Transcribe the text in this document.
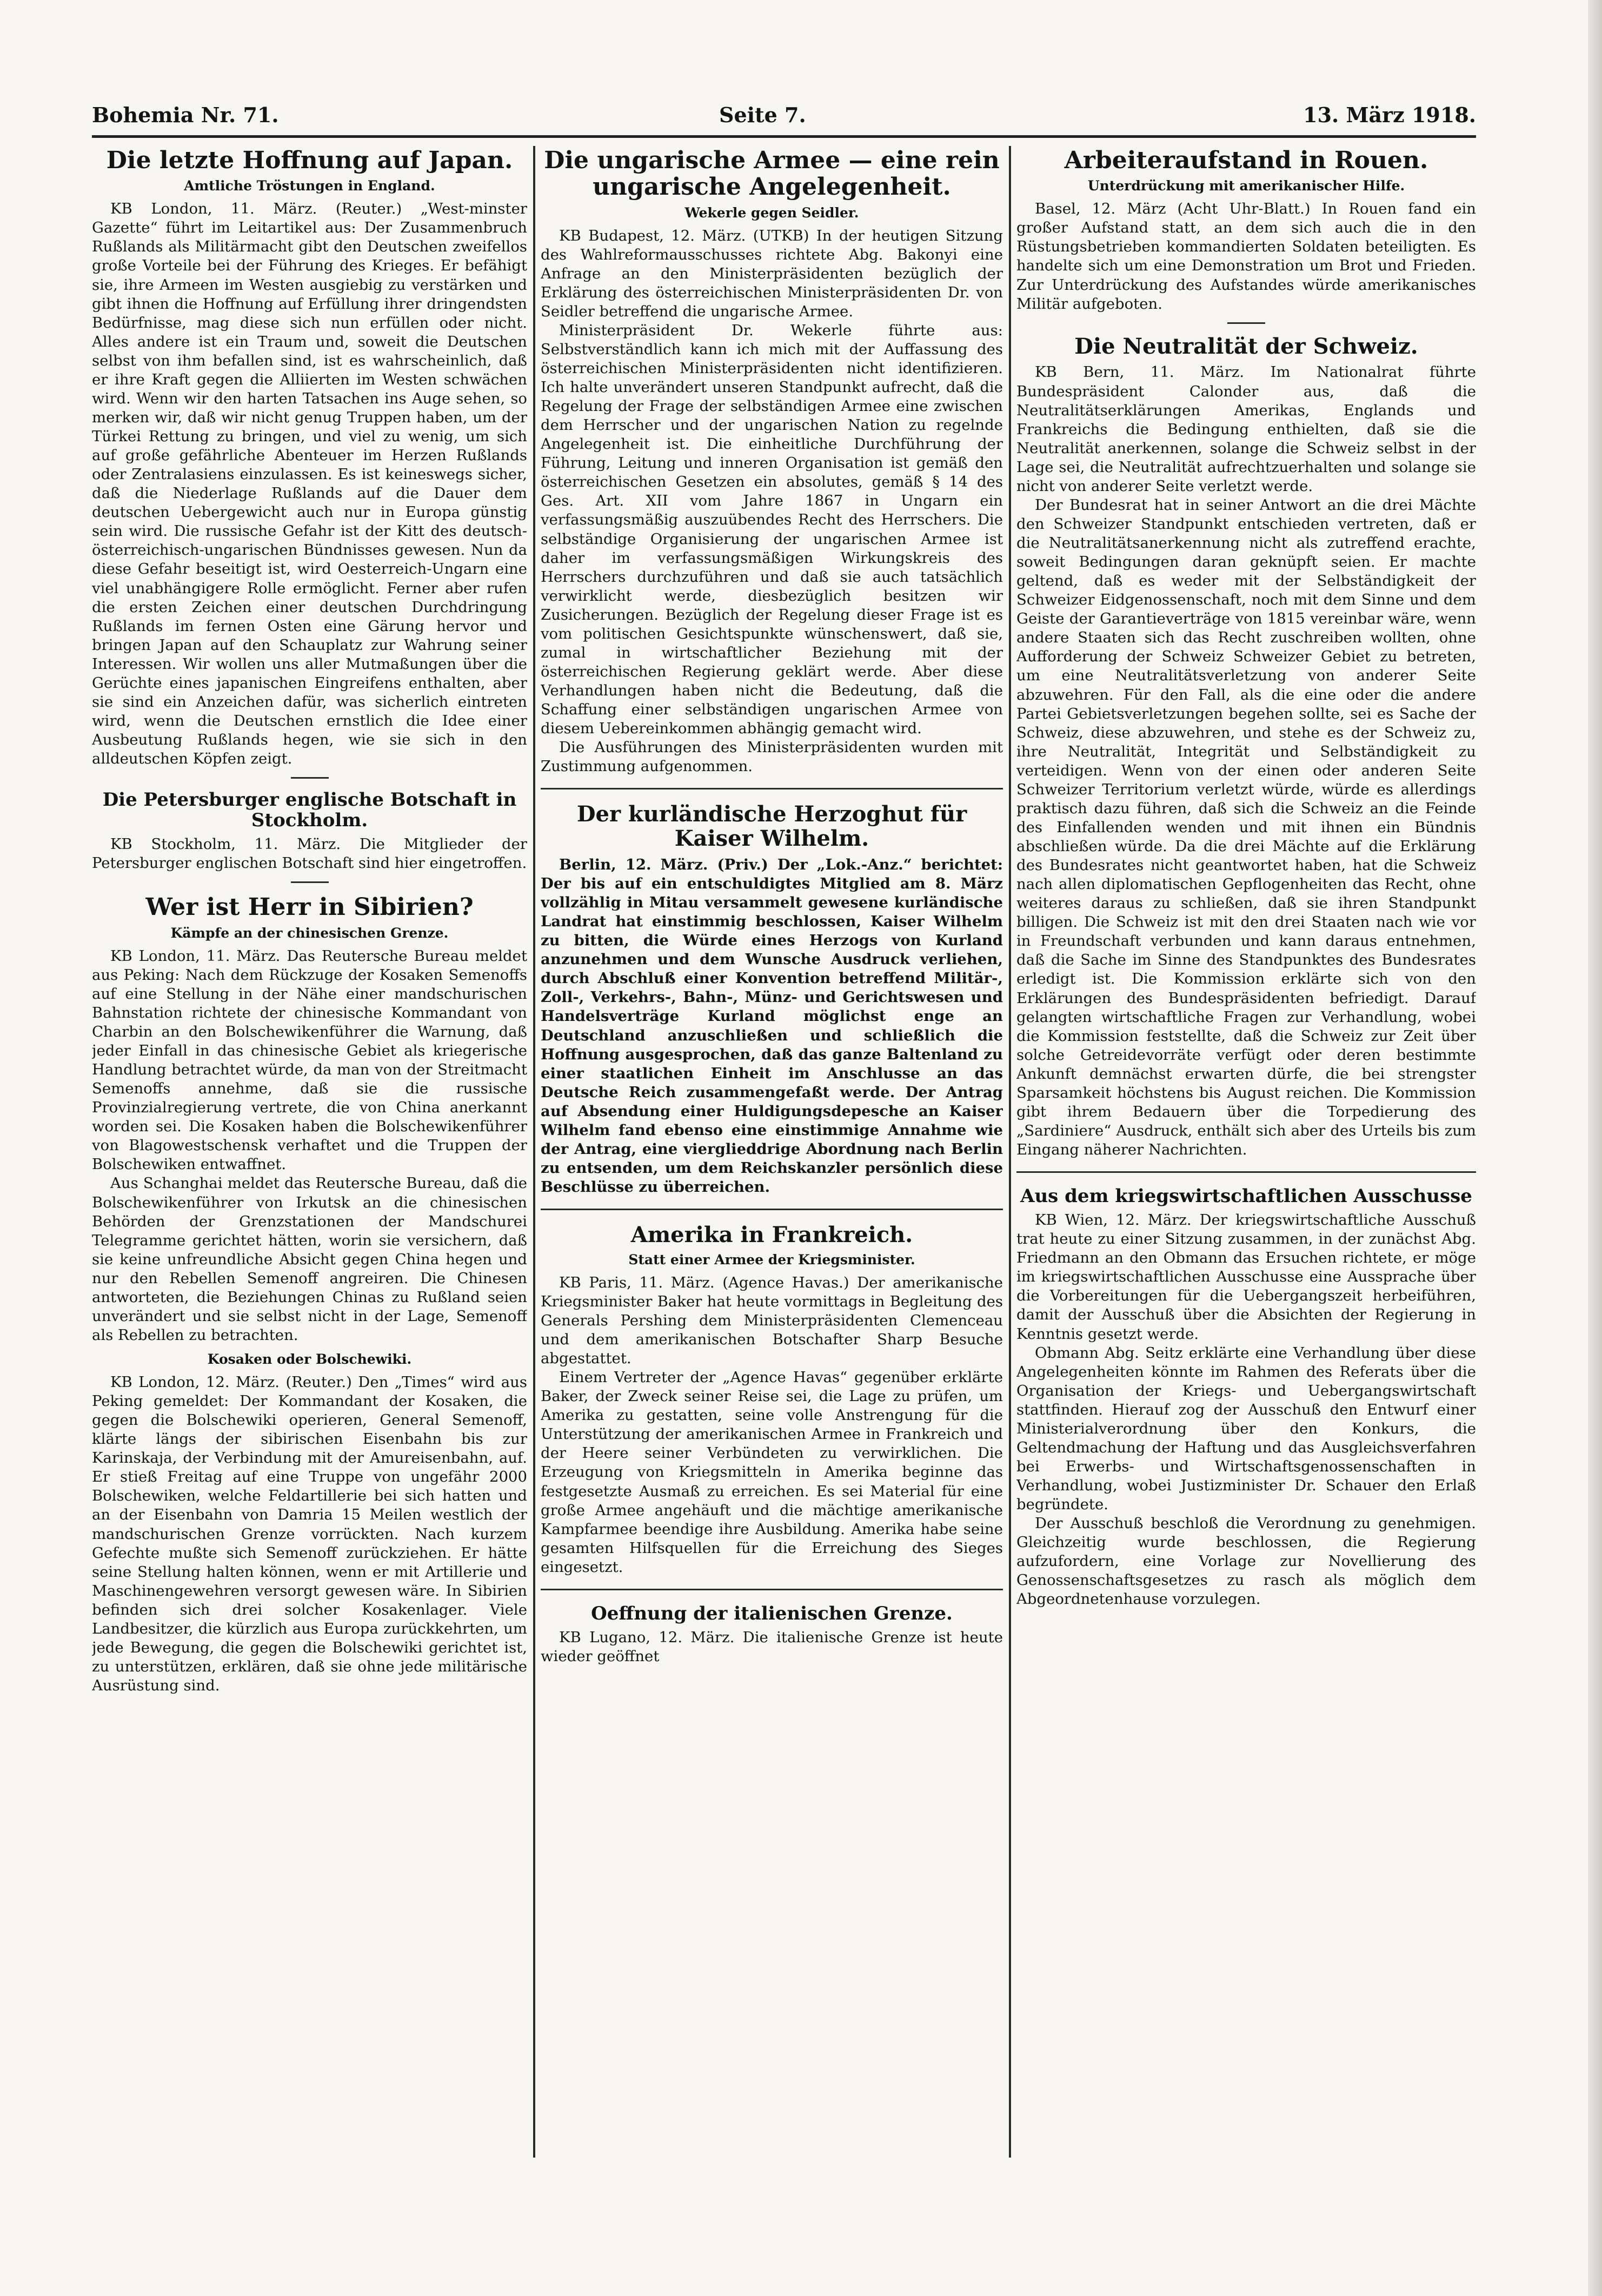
Bohemia Nr. 71.	Seite 7.	13. März 1918.
Die letzte Hoffnung auf Japan.
Amtliche Tröstungen in England.

KB London, 11. März. (Reuter.) „West-minster Gazette“ führt im Leitartikel aus: Der Zusammenbruch Rußlands als Militärmacht gibt den Deutschen zweifellos große Vorteile bei der Führung des Krieges. Er befähigt sie, ihre Armeen im Westen ausgiebig zu verstärken und gibt ihnen die Hoffnung auf Erfüllung ihrer dringendsten Bedürfnisse, mag diese sich nun erfüllen oder nicht. Alles andere ist ein Traum und, soweit die Deutschen selbst von ihm befallen sind, ist es wahrscheinlich, daß er ihre Kraft gegen die Alliierten im Westen schwächen wird. Wenn wir den harten Tatsachen ins Auge sehen, so merken wir, daß wir nicht genug Truppen haben, um der Türkei Rettung zu bringen, und viel zu wenig, um sich auf große gefährliche Abenteuer im Herzen Rußlands oder Zentralasiens einzulassen. Es ist keineswegs sicher, daß die Niederlage Rußlands auf die Dauer dem deutschen Uebergewicht auch nur in Europa günstig sein wird. Die russische Gefahr ist der Kitt des deutsch-österreichisch-ungarischen Bündnisses gewesen. Nun da diese Gefahr beseitigt ist, wird Oesterreich-Ungarn eine viel unabhängigere Rolle ermöglicht. Ferner aber rufen die ersten Zeichen einer deutschen Durchdringung Rußlands im fernen Osten eine Gärung hervor und bringen Japan auf den Schauplatz zur Wahrung seiner Interessen. Wir wollen uns aller Mutmaßungen über die Gerüchte eines japanischen Eingreifens enthalten, aber sie sind ein Anzeichen dafür, was sicherlich eintreten wird, wenn die Deutschen ernstlich die Idee einer Ausbeutung Rußlands hegen, wie sie sich in den alldeutschen Köpfen zeigt.

Die Petersburger englische Botschaft in Stockholm.

KB Stockholm, 11. März. Die Mitglieder der Petersburger englischen Botschaft sind hier eingetroffen.

Wer ist Herr in Sibirien?
Kämpfe an der chinesischen Grenze.

KB London, 11. März. Das Reutersche Bureau meldet aus Peking: Nach dem Rückzuge der Kosaken Semenoffs auf eine Stellung in der Nähe einer mandschurischen Bahnstation richtete der chinesische Kommandant von Charbin an den Bolschewikenführer die Warnung, daß jeder Einfall in das chinesische Gebiet als kriegerische Handlung betrachtet würde, da man von der Streitmacht Semenoffs annehme, daß sie die russische Provinzialregierung vertrete, die von China anerkannt worden sei. Die Kosaken haben die Bolschewikenführer von Blagowestschensk verhaftet und die Truppen der Bolschewiken entwaffnet.

Aus Schanghai meldet das Reutersche Bureau, daß die Bolschewikenführer von Irkutsk an die chinesischen Behörden der Grenzstationen der Mandschurei Telegramme gerichtet hätten, worin sie versichern, daß sie keine unfreundliche Absicht gegen China hegen und nur den Rebellen Semenoff angreiren. Die Chinesen antworteten, die Beziehungen Chinas zu Rußland seien unverändert und sie selbst nicht in der Lage, Semenoff als Rebellen zu betrachten.

Kosaken oder Bolschewiki.

KB London, 12. März. (Reuter.) Den „Times“ wird aus Peking gemeldet: Der Kommandant der Kosaken, die gegen die Bolschewiki operieren, General Semenoff, klärte längs der sibirischen Eisenbahn bis zur Karinskaja, der Verbindung mit der Amureisenbahn, auf. Er stieß Freitag auf eine Truppe von ungefähr 2000 Bolschewiken, welche Feldartillerie bei sich hatten und an der Eisenbahn von Damria 15 Meilen westlich der mandschurischen Grenze vorrückten. Nach kurzem Gefechte mußte sich Semenoff zurückziehen. Er hätte seine Stellung halten können, wenn er mit Artillerie und Maschinengewehren versorgt gewesen wäre. In Sibirien befinden sich drei solcher Kosakenlager. Viele Landbesitzer, die kürzlich aus Europa zurückkehrten, um jede Bewegung, die gegen die Bolschewiki gerichtet ist, zu unterstützen, erklären, daß sie ohne jede militärische Ausrüstung sind.

Die ungarische Armee — eine rein ungarische Angelegenheit.
Wekerle gegen Seidler.

KB Budapest, 12. März. (UTKB) In der heutigen Sitzung des Wahlreformausschusses richtete Abg. Bakonyi eine Anfrage an den Ministerpräsidenten bezüglich der Erklärung des österreichischen Ministerpräsidenten Dr. von Seidler betreffend die ungarische Armee.

Ministerpräsident Dr. Wekerle führte aus: Selbstverständlich kann ich mich mit der Auffassung des österreichischen Ministerpräsidenten nicht identifizieren. Ich halte unverändert unseren Standpunkt aufrecht, daß die Regelung der Frage der selbständigen Armee eine zwischen dem Herrscher und der ungarischen Nation zu regelnde Angelegenheit ist. Die einheitliche Durchführung der Führung, Leitung und inneren Organisation ist gemäß den österreichischen Gesetzen ein absolutes, gemäß § 14 des Ges. Art. XII vom Jahre 1867 in Ungarn ein verfassungsmäßig auszuübendes Recht des Herrschers. Die selbständige Organisierung der ungarischen Armee ist daher im verfassungsmäßigen Wirkungskreis des Herrschers durchzuführen und daß sie auch tatsächlich verwirklicht werde, diesbezüglich besitzen wir Zusicherungen. Bezüglich der Regelung dieser Frage ist es vom politischen Gesichtspunkte wünschenswert, daß sie, zumal in wirtschaftlicher Beziehung mit der österreichischen Regierung geklärt werde. Aber diese Verhandlungen haben nicht die Bedeutung, daß die Schaffung einer selbständigen ungarischen Armee von diesem Uebereinkommen abhängig gemacht wird.

Die Ausführungen des Ministerpräsidenten wurden mit Zustimmung aufgenommen.

Der kurländische Herzoghut für Kaiser Wilhelm.

Berlin, 12. März. (Priv.) Der „Lok.-Anz.“ berichtet: Der bis auf ein entschuldigtes Mitglied am 8. März vollzählig in Mitau versammelt gewesene kurländische Landrat hat einstimmig beschlossen, Kaiser Wilhelm zu bitten, die Würde eines Herzogs von Kurland anzunehmen und dem Wunsche Ausdruck verliehen, durch Abschluß einer Konvention betreffend Militär-, Zoll-, Verkehrs-, Bahn-, Münz- und Gerichtswesen und Handelsverträge Kurland möglichst enge an Deutschland anzuschließen und schließlich die Hoffnung ausgesprochen, daß das ganze Baltenland zu einer staatlichen Einheit im Anschlusse an das Deutsche Reich zusammengefaßt werde. Der Antrag auf Absendung einer Huldigungsdepesche an Kaiser Wilhelm fand ebenso eine einstimmige Annahme wie der Antrag, eine vierglieddrige Abordnung nach Berlin zu entsenden, um dem Reichskanzler persönlich diese Beschlüsse zu überreichen.

Amerika in Frankreich.
Statt einer Armee der Kriegsminister.

KB Paris, 11. März. (Agence Havas.) Der amerikanische Kriegsminister Baker hat heute vormittags in Begleitung des Generals Pershing dem Ministerpräsidenten Clemenceau und dem amerikanischen Botschafter Sharp Besuche abgestattet.

Einem Vertreter der „Agence Havas“ gegenüber erklärte Baker, der Zweck seiner Reise sei, die Lage zu prüfen, um Amerika zu gestatten, seine volle Anstrengung für die Unterstützung der amerikanischen Armee in Frankreich und der Heere seiner Verbündeten zu verwirklichen. Die Erzeugung von Kriegsmitteln in Amerika beginne das festgesetzte Ausmaß zu erreichen. Es sei Material für eine große Armee angehäuft und die mächtige amerikanische Kampfarmee beendige ihre Ausbildung. Amerika habe seine gesamten Hilfsquellen für die Erreichung des Sieges eingesetzt.

Oeffnung der italienischen Grenze.

KB Lugano, 12. März. Die italienische Grenze ist heute wieder geöffnet

Arbeiteraufstand in Rouen.
Unterdrückung mit amerikanischer Hilfe.

Basel, 12. März (Acht Uhr-Blatt.) In Rouen fand ein großer Aufstand statt, an dem sich auch die in den Rüstungsbetrieben kommandierten Soldaten beteiligten. Es handelte sich um eine Demonstration um Brot und Frieden. Zur Unterdrückung des Aufstandes würde amerikanisches Militär aufgeboten.

Die Neutralität der Schweiz.

KB Bern, 11. März. Im Nationalrat führte Bundespräsident Calonder aus, daß die Neutralitätserklärungen Amerikas, Englands und Frankreichs die Bedingung enthielten, daß sie die Neutralität anerkennen, solange die Schweiz selbst in der Lage sei, die Neutralität aufrechtzuerhalten und solange sie nicht von anderer Seite verletzt werde.

Der Bundesrat hat in seiner Antwort an die drei Mächte den Schweizer Standpunkt entschieden vertreten, daß er die Neutralitätsanerkennung nicht als zutreffend erachte, soweit Bedingungen daran geknüpft seien. Er machte geltend, daß es weder mit der Selbständigkeit der Schweizer Eidgenossenschaft, noch mit dem Sinne und dem Geiste der Garantieverträge von 1815 vereinbar wäre, wenn andere Staaten sich das Recht zuschreiben wollten, ohne Aufforderung der Schweiz Schweizer Gebiet zu betreten, um eine Neutralitätsverletzung von anderer Seite abzuwehren. Für den Fall, als die eine oder die andere Partei Gebietsverletzungen begehen sollte, sei es Sache der Schweiz, diese abzuwehren, und stehe es der Schweiz zu, ihre Neutralität, Integrität und Selbständigkeit zu verteidigen. Wenn von der einen oder anderen Seite Schweizer Territorium verletzt würde, würde es allerdings praktisch dazu führen, daß sich die Schweiz an die Feinde des Einfallenden wenden und mit ihnen ein Bündnis abschließen würde. Da die drei Mächte auf die Erklärung des Bundesrates nicht geantwortet haben, hat die Schweiz nach allen diplomatischen Gepflogenheiten das Recht, ohne weiteres daraus zu schließen, daß sie ihren Standpunkt billigen. Die Schweiz ist mit den drei Staaten nach wie vor in Freundschaft verbunden und kann daraus entnehmen, daß die Sache im Sinne des Standpunktes des Bundesrates erledigt ist. Die Kommission erklärte sich von den Erklärungen des Bundespräsidenten befriedigt. Darauf gelangten wirtschaftliche Fragen zur Verhandlung, wobei die Kommission feststellte, daß die Schweiz zur Zeit über solche Getreidevorräte verfügt oder deren bestimmte Ankunft demnächst erwarten dürfe, die bei strengster Sparsamkeit höchstens bis August reichen. Die Kommission gibt ihrem Bedauern über die Torpedierung des „Sardiniere“ Ausdruck, enthält sich aber des Urteils bis zum Eingang näherer Nachrichten.

Aus dem kriegswirtschaftlichen Ausschusse

KB Wien, 12. März. Der kriegswirtschaftliche Ausschuß trat heute zu einer Sitzung zusammen, in der zunächst Abg. Friedmann an den Obmann das Ersuchen richtete, er möge im kriegswirtschaftlichen Ausschusse eine Aussprache über die Vorbereitungen für die Uebergangszeit herbeiführen, damit der Ausschuß über die Absichten der Regierung in Kenntnis gesetzt werde.

Obmann Abg. Seitz erklärte eine Verhandlung über diese Angelegenheiten könnte im Rahmen des Referats über die Organisation der Kriegs- und Uebergangswirtschaft stattfinden. Hierauf zog der Ausschuß den Entwurf einer Ministerialverordnung über den Konkurs, die Geltendmachung der Haftung und das Ausgleichsverfahren bei Erwerbs- und Wirtschaftsgenossenschaften in Verhandlung, wobei Justizminister Dr. Schauer den Erlaß begründete.

Der Ausschuß beschloß die Verordnung zu genehmigen. Gleichzeitig wurde beschlossen, die Regierung aufzufordern, eine Vorlage zur Novellierung des Genossenschaftsgesetzes zu rasch als möglich dem Abgeordnetenhause vorzulegen.
